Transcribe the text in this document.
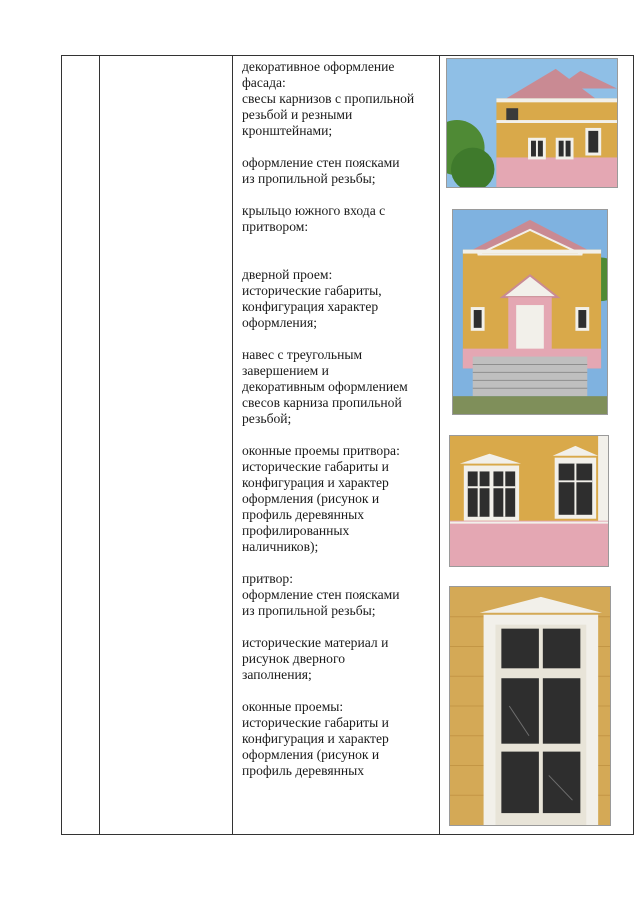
декоративное оформление
фасада:
свесы карнизов с пропильной
резьбой и резными
кронштейнами;

оформление стен поясками
из пропильной резьбы;

крыльцо южного входа с
притвором:

дверной проем:
исторические габариты,
конфигурация характер
оформления;

навес с треугольным
завершением и
декоративным оформлением
свесов карниза пропильной
резьбой;

оконные проемы притвора:
исторические габариты и
конфигурация и характер
оформления (рисунок и
профиль деревянных
профилированных
наличников);

притвор:
оформление стен поясками
из пропильной резьбы;

исторические материал и
рисунок дверного
заполнения;

оконные проемы:
исторические габариты и
конфигурация и характер
оформления (рисунок и
профиль деревянных
